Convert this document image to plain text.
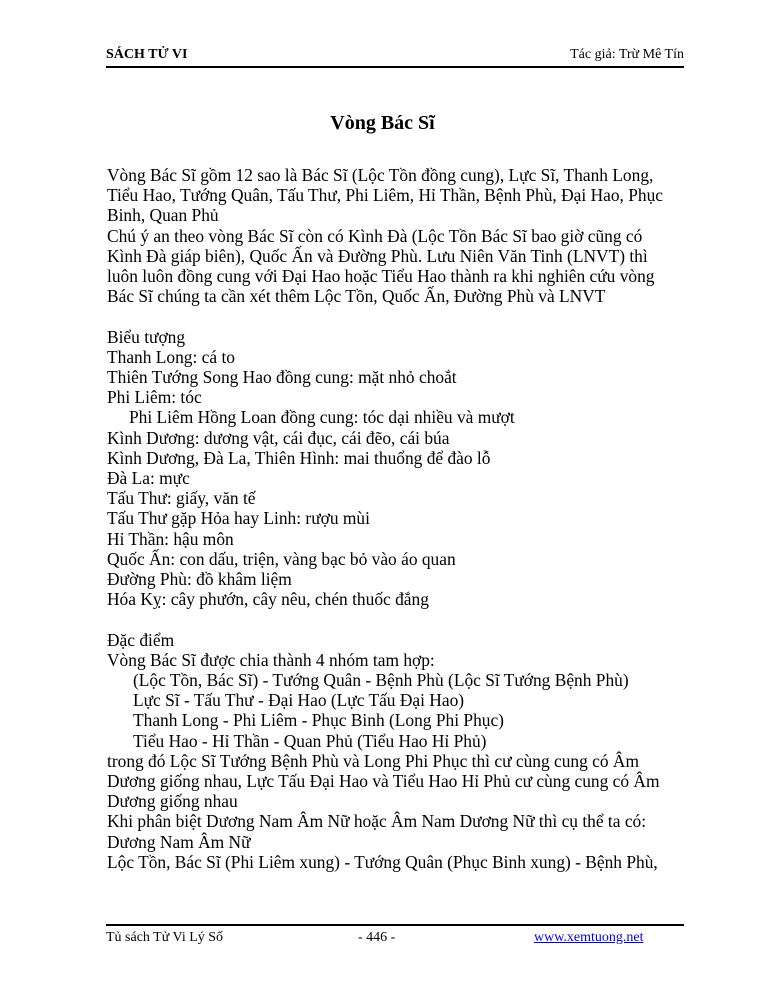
SÁCH TỬ VI	Tác giả: Trừ Mê Tín
Vòng Bác Sĩ

Vòng Bác Sĩ gồm 12 sao là Bác Sĩ (Lộc Tồn đồng cung), Lực Sĩ, Thanh Long,

Tiểu Hao, Tướng Quân, Tấu Thư, Phi Liêm, Hỉ Thần, Bệnh Phù, Đại Hao, Phục

Binh, Quan Phủ

Chú ý an theo vòng Bác Sĩ còn có Kình Đà (Lộc Tồn Bác Sĩ bao giờ cũng có

Kình Đà giáp biên), Quốc Ấn và Đường Phù. Lưu Niên Văn Tinh (LNVT) thì

luôn luôn đồng cung với Đại Hao hoặc Tiểu Hao thành ra khi nghiên cứu vòng

Bác Sĩ chúng ta cần xét thêm Lộc Tồn, Quốc Ấn, Đường Phù và LNVT

Biểu tượng

Thanh Long: cá to

Thiên Tướng Song Hao đồng cung: mặt nhỏ choắt

Phi Liêm: tóc

Phi Liêm Hồng Loan đồng cung: tóc dại nhiều và mượt

Kình Dương: dương vật, cái đục, cái đẽo, cái búa

Kình Dương, Đà La, Thiên Hình: mai thuổng để đào lỗ

Đà La: mực

Tấu Thư: giấy, văn tế

Tấu Thư gặp Hỏa hay Linh: rượu mùi

Hỉ Thần: hậu môn

Quốc Ấn: con dấu, triện, vàng bạc bỏ vào áo quan

Đường Phù: đồ khâm liệm

Hóa Kỵ: cây phướn, cây nêu, chén thuốc đắng

Đặc điểm

Vòng Bác Sĩ được chia thành 4 nhóm tam hợp:

(Lộc Tồn, Bác Sĩ) - Tướng Quân - Bệnh Phù (Lộc Sĩ Tướng Bệnh Phù)

Lực Sĩ - Tấu Thư - Đại Hao (Lực Tấu Đại Hao)

Thanh Long - Phi Liêm - Phục Binh (Long Phi Phục)

Tiểu Hao - Hỉ Thần - Quan Phủ (Tiểu Hao Hỉ Phủ)

trong đó Lộc Sĩ Tướng Bệnh Phù và Long Phi Phục thì cư cùng cung có Âm

Dương giống nhau, Lực Tấu Đại Hao và Tiểu Hao Hỉ Phủ cư cùng cung có Âm

Dương giống nhau

Khi phân biệt Dương Nam Âm Nữ hoặc Âm Nam Dương Nữ thì cụ thể ta có:

Dương Nam Âm Nữ

Lộc Tồn, Bác Sĩ (Phi Liêm xung) - Tướng Quân (Phục Binh xung) - Bệnh Phù,

Tủ sách Tử Vi Lý Số	- 446 -	www.xemtuong.net
